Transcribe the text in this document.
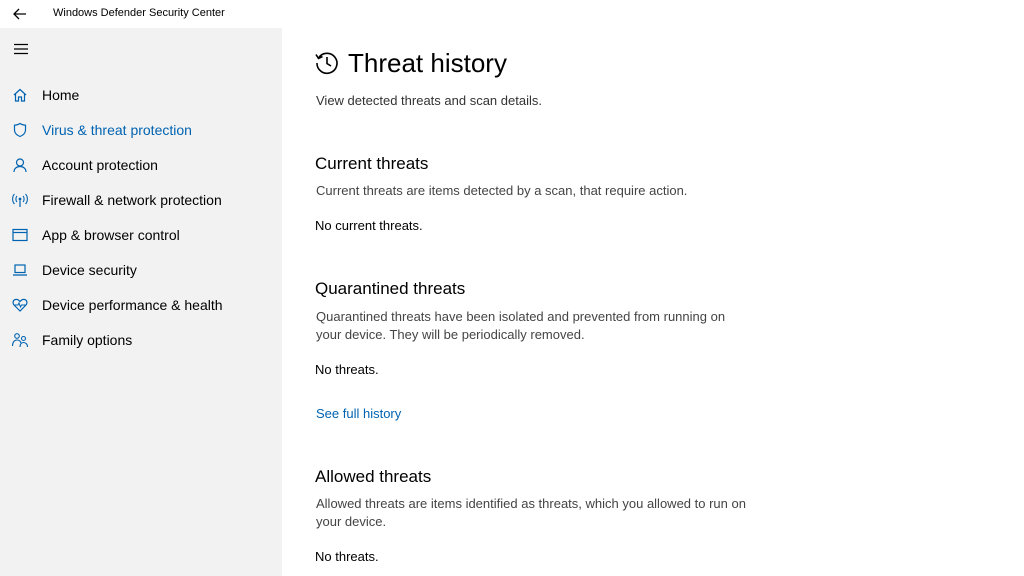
Windows Defender Security Center
Home
Virus & threat protection
Account protection
Firewall & network protection
App & browser control
Device security
Device performance & health
Family options
Threat history
View detected threats and scan details.
Current threats
Current threats are items detected by a scan, that require action.
No current threats.
Quarantined threats
Quarantined threats have been isolated and prevented from running on your device. They will be periodically removed.
No threats.
See full history
Allowed threats
Allowed threats are items identified as threats, which you allowed to run on your device.
No threats.
